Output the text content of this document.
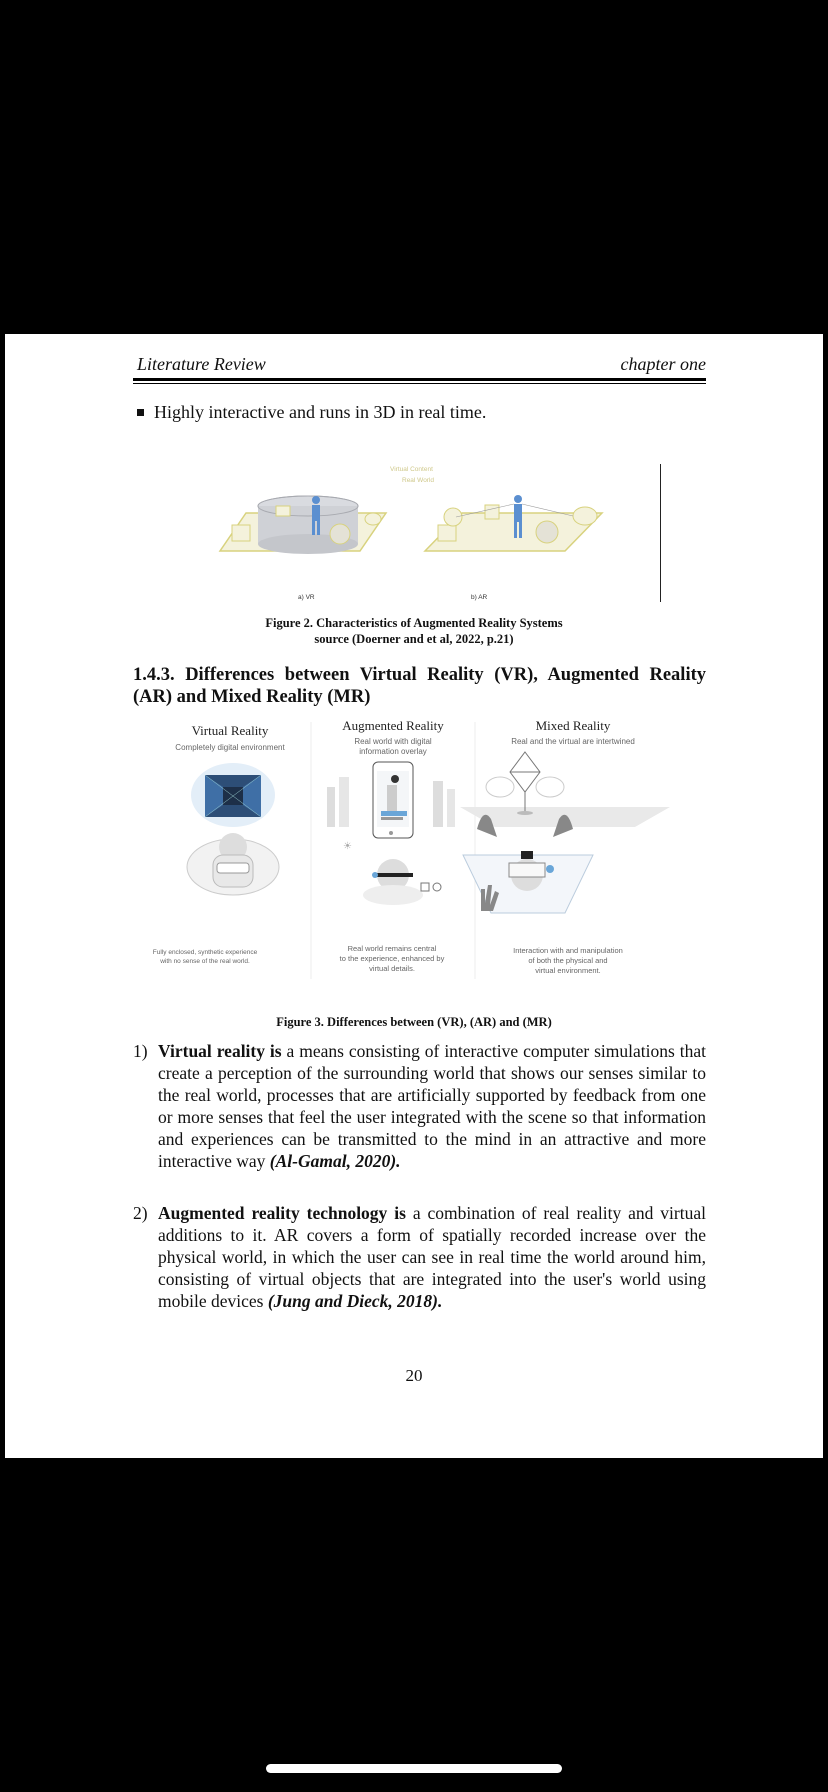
Literature Review	chapter one
Highly interactive and runs in 3D in real time.
Virtual Content
Real World
a) VR	b) AR
Figure 2. Characteristics of Augmented Reality Systems
source (Doerner and et al, 2022, p.21)
1.4.3. Differences between Virtual Reality (VR), Augmented Reality (AR) and Mixed Reality (MR)
Virtual Reality	Augmented Reality	Mixed Reality
Completely digital environment
Real world with digital
information overlay
Real and the virtual are intertwined
☀
Fully enclosed, synthetic experience
with no sense of the real world.
Real world remains central
to the experience, enhanced by
virtual details.
Interaction with and manipulation
of both the physical and
virtual environment.
Figure 3. Differences between (VR), (AR) and (MR)
1) Virtual reality is a means consisting of interactive computer simulations that create a perception of the surrounding world that shows our senses similar to the real world, processes that are artificially supported by feedback from one or more senses that feel the user integrated with the scene so that information and experiences can be transmitted to the mind in an attractive and more interactive way (Al-Gamal, 2020).
2) Augmented reality technology is a combination of real reality and virtual additions to it. AR covers a form of spatially recorded increase over the physical world, in which the user can see in real time the world around him, consisting of virtual objects that are integrated into the user's world using mobile devices (Jung and Dieck, 2018).
20
